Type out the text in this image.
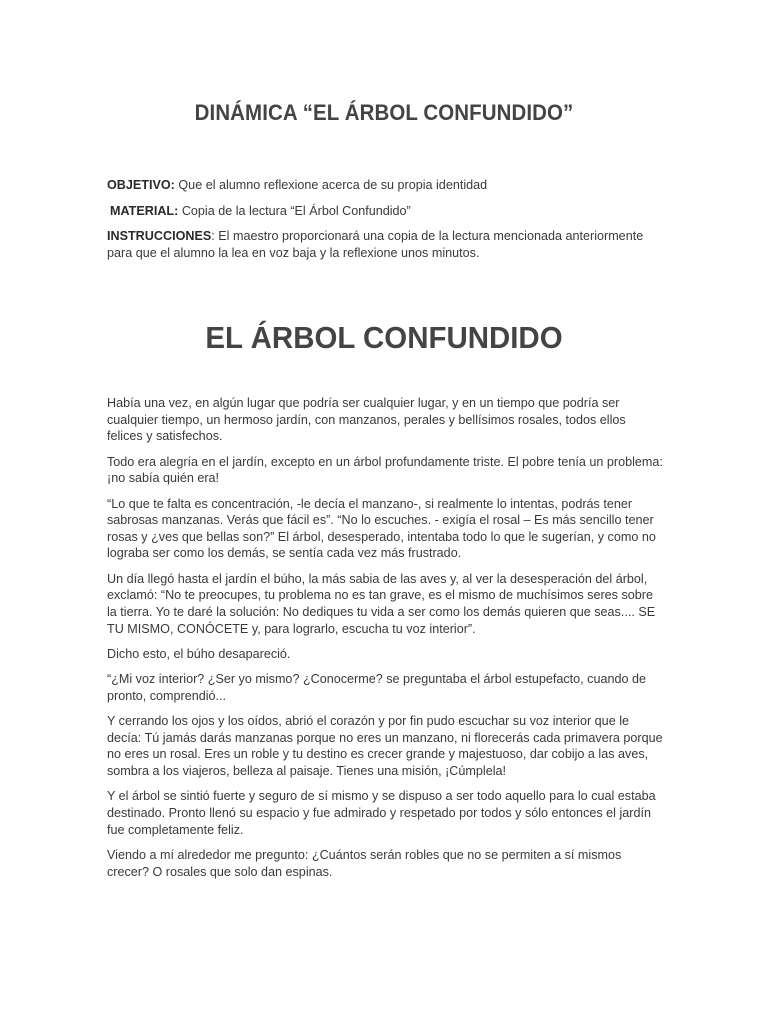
DINÁMICA “EL ÁRBOL CONFUNDIDO”
OBJETIVO: Que el alumno reflexione acerca de su propia identidad
MATERIAL: Copia de la lectura “El Árbol Confundido”
INSTRUCCIONES: El maestro proporcionará una copia de la lectura mencionada anteriormente para que el alumno la lea en voz baja y la reflexione unos minutos.
EL ÁRBOL CONFUNDIDO

Había una vez, en algún lugar que podría ser cualquier lugar, y en un tiempo que podría ser cualquier tiempo, un hermoso jardín, con manzanos, perales y bellísimos rosales, todos ellos felices y satisfechos.

Todo era alegría en el jardín, excepto en un árbol profundamente triste. El pobre tenía un problema: ¡no sabía quién era!

“Lo que te falta es concentración, -le decía el manzano-, si realmente lo intentas, podrás tener sabrosas manzanas. Verás que fácil es”. “No lo escuches. - exigía el rosal – Es más sencillo tener rosas y ¿ves que bellas son?” El árbol, desesperado, intentaba todo lo que le sugerían, y como no lograba ser como los demás, se sentía cada vez más frustrado.

Un día llegó hasta el jardín el búho, la más sabia de las aves y, al ver la desesperación del árbol, exclamó: “No te preocupes, tu problema no es tan grave, es el mismo de muchísimos seres sobre la tierra. Yo te daré la solución: No dediques tu vida a ser como los demás quieren que seas.... SE TU MISMO, CONÓCETE y, para lograrlo, escucha tu voz interior”.

Dicho esto, el búho desapareció.

“¿Mi voz interior? ¿Ser yo mismo? ¿Conocerme? se preguntaba el árbol estupefacto, cuando de pronto, comprendió...

Y cerrando los ojos y los oídos, abrió el corazón y por fin pudo escuchar su voz interior que le decía: Tú jamás darás manzanas porque no eres un manzano, ni florecerás cada primavera porque no eres un rosal. Eres un roble y tu destino es crecer grande y majestuoso, dar cobijo a las aves, sombra a los viajeros, belleza al paisaje. Tienes una misión, ¡Cúmplela!

Y el árbol se sintió fuerte y seguro de sí mismo y se dispuso a ser todo aquello para lo cual estaba destinado. Pronto llenó su espacio y fue admirado y respetado por todos y sólo entonces el jardín fue completamente feliz.

Viendo a mí alrededor me pregunto: ¿Cuántos serán robles que no se permiten a sí mismos crecer? O rosales que solo dan espinas.
